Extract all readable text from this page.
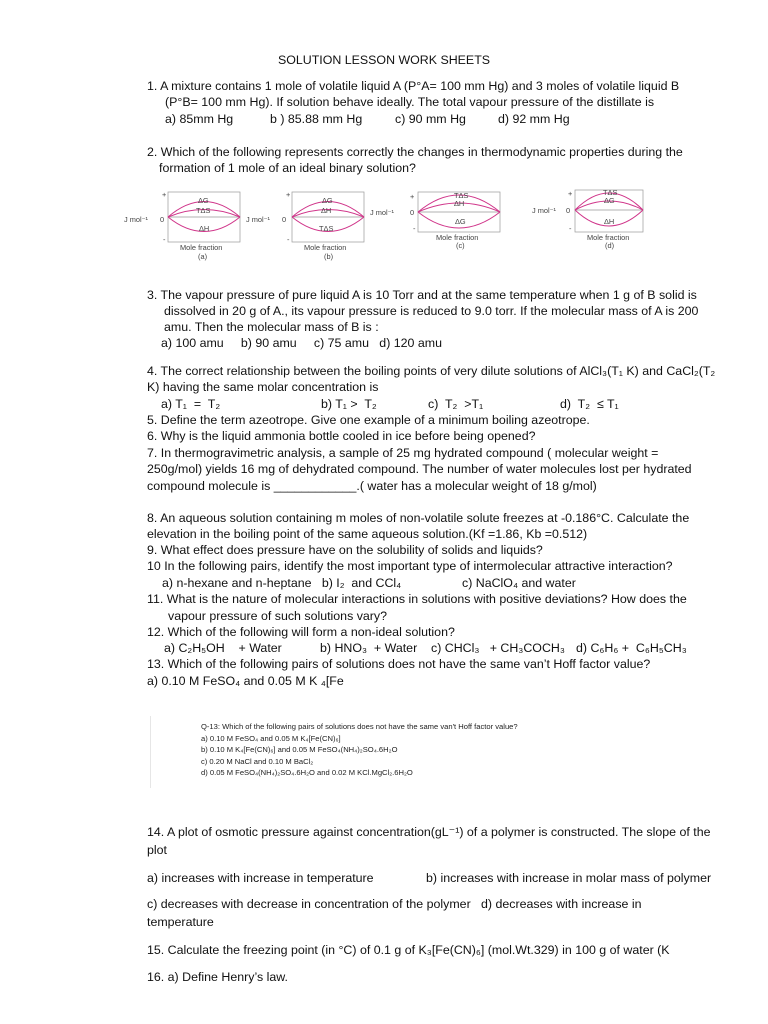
SOLUTION LESSON WORK SHEETS
1. A mixture contains 1 mole of volatile liquid A (P°A= 100 mm Hg) and 3 moles of volatile liquid B
(P°B= 100 mm Hg). If solution behave ideally. The total vapour pressure of the distillate is
a) 85mm Hg	b ) 85.88 mm Hg	c) 90 mm Hg	d) 92 mm Hg
2. Which of the following represents correctly the changes in thermodynamic properties during the
formation of 1 mole of an ideal binary solution?
+
J mol⁻¹ 0
-
ΔG
TΔS
ΔH
Mole fraction
(a)
+
J mol⁻¹ 0
-
ΔG
ΔH
TΔS
Mole fraction
(b)
+
J mol⁻¹ 0
-
TΔS
ΔH
ΔG
Mole fraction
(c)
+
J mol⁻¹ 0
-
TΔS
ΔG
ΔH
Mole fraction
(d)
3. The vapour pressure of pure liquid A is 10 Torr and at the same temperature when 1 g of B solid is
dissolved in 20 g of A., its vapour pressure is reduced to 9.0 torr. If the molecular mass of A is 200
amu. Then the molecular mass of B is :
a) 100 amu     b) 90 amu     c) 75 amu   d) 120 amu
4. The correct relationship between the boiling points of very dilute solutions of AlCl₃(T₁ K) and CaCl₂(T₂
K) having the same molar concentration is
a) T₁  =  T₂	b) T₁ >  T₂	c)  T₂  >T₁	d)  T₂  ≤ T₁
5. Define the term azeotrope. Give one example of a minimum boiling azeotrope.
6. Why is the liquid ammonia bottle cooled in ice before being opened?
7. In thermogravimetric analysis, a sample of 25 mg hydrated compound ( molecular weight =
250g/mol) yields 16 mg of dehydrated compound. The number of water molecules lost per hydrated
compound molecule is ____________.( water has a molecular weight of 18 g/mol)
8. An aqueous solution containing m moles of non-volatile solute freezes at -0.186°C. Calculate the
elevation in the boiling point of the same aqueous solution.(Kf =1.86, Kb =0.512)
9. What effect does pressure have on the solubility of solids and liquids?
10 In the following pairs, identify the most important type of intermolecular attractive interaction?
a) n-hexane and n-heptane   b) I₂  and CCl₄	c) NaClO₄ and water
11. What is the nature of molecular interactions in solutions with positive deviations? How does the
vapour pressure of such solutions vary?
12. Which of the following will form a non-ideal solution?
a) C₂H₅OH    + Water	b) HNO₃  + Water c) CHCl₃   + CH₃COCH₃ d) C₆H₆ +  C₆H₅CH₃
13. Which of the following pairs of solutions does not have the same van’t Hoff factor value?
a) 0.10 M FeSO₄ and 0.05 M K ₄[Fe
Q-13: Which of the following pairs of solutions does not have the same van't Hoff factor value?
a) 0.10 M FeSO₄ and 0.05 M K₄[Fe(CN)₆]
b) 0.10 M K₄[Fe(CN)₆] and 0.05 M FeSO₄(NH₄)₂SO₄.6H₂O
c) 0.20 M NaCl and 0.10 M BaCl₂
d) 0.05 M FeSO₄(NH₄)₂SO₄.6H₂O and 0.02 M KCl.MgCl₂.6H₂O
14. A plot of osmotic pressure against concentration(gL⁻¹) of a polymer is constructed. The slope of the
plot
a) increases with increase in temperature	b) increases with increase in molar mass of polymer
c) decreases with decrease in concentration of the polymer   d) decreases with increase in
temperature
15. Calculate the freezing point (in °C) of 0.1 g of K₃[Fe(CN)₆] (mol.Wt.329) in 100 g of water (K
16. a) Define Henry’s law.
